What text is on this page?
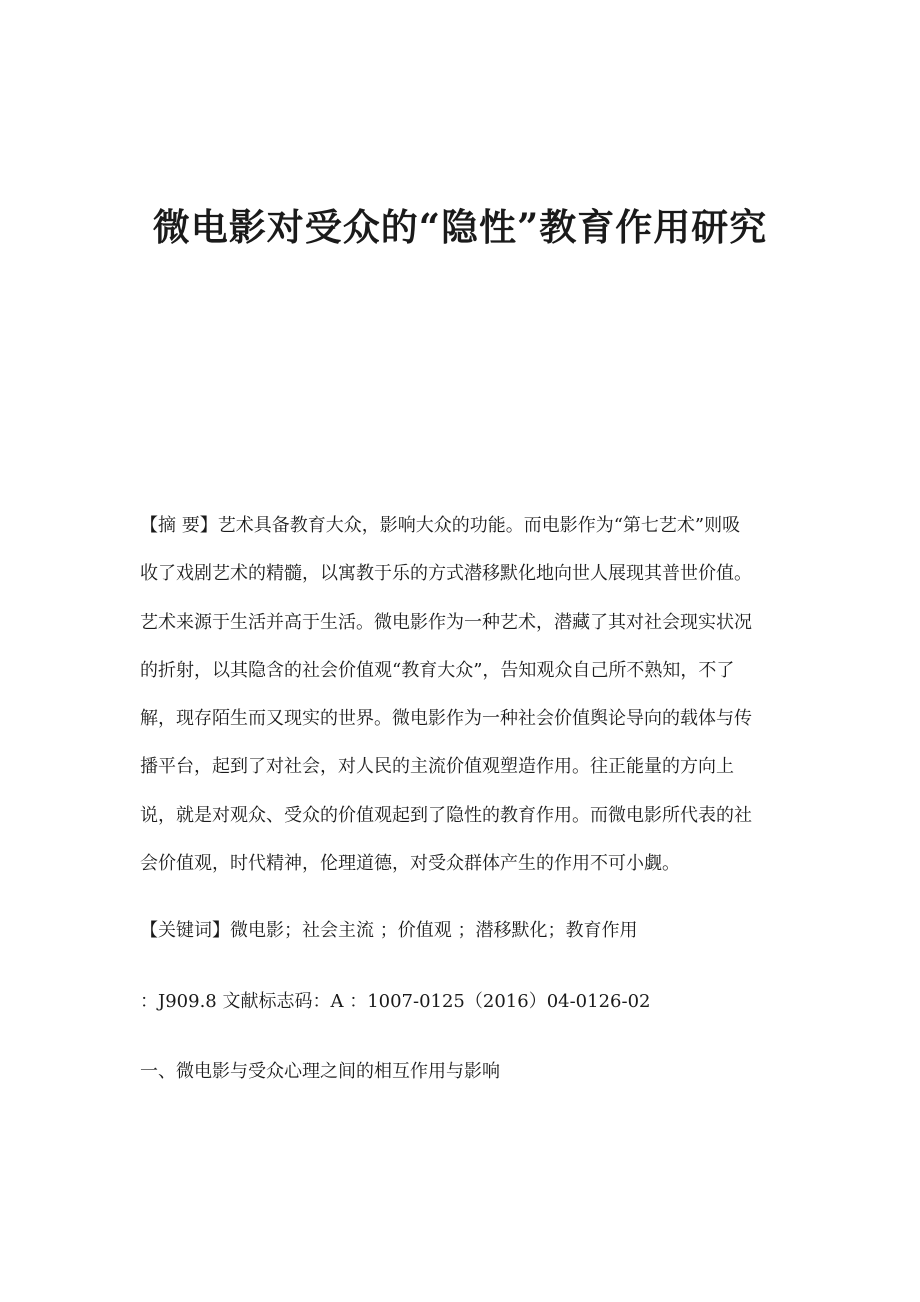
微电影对受众的“隐性”教育作用研究
【摘 要】艺术具备教育大众，影响大众的功能。而电影作为“第七艺术”则吸
收了戏剧艺术的精髓，以寓教于乐的方式潜移默化地向世人展现其普世价值。
艺术来源于生活并高于生活。微电影作为一种艺术，潜藏了其对社会现实状况
的折射，以其隐含的社会价值观“教育大众”，告知观众自己所不熟知，不了
解，现存陌生而又现实的世界。微电影作为一种社会价值舆论导向的载体与传
播平台，起到了对社会，对人民的主流价值观塑造作用。往正能量的方向上
说，就是对观众、受众的价值观起到了隐性的教育作用。而微电影所代表的社
会价值观，时代精神，伦理道德，对受众群体产生的作用不可小觑。

【关键词】微电影；社会主流 ；价值观 ；潜移默化；教育作用

：J909.8 文献标志码：A ：1007-0125（2016）04-0126-02

一、微电影与受众心理之间的相互作用与影响
